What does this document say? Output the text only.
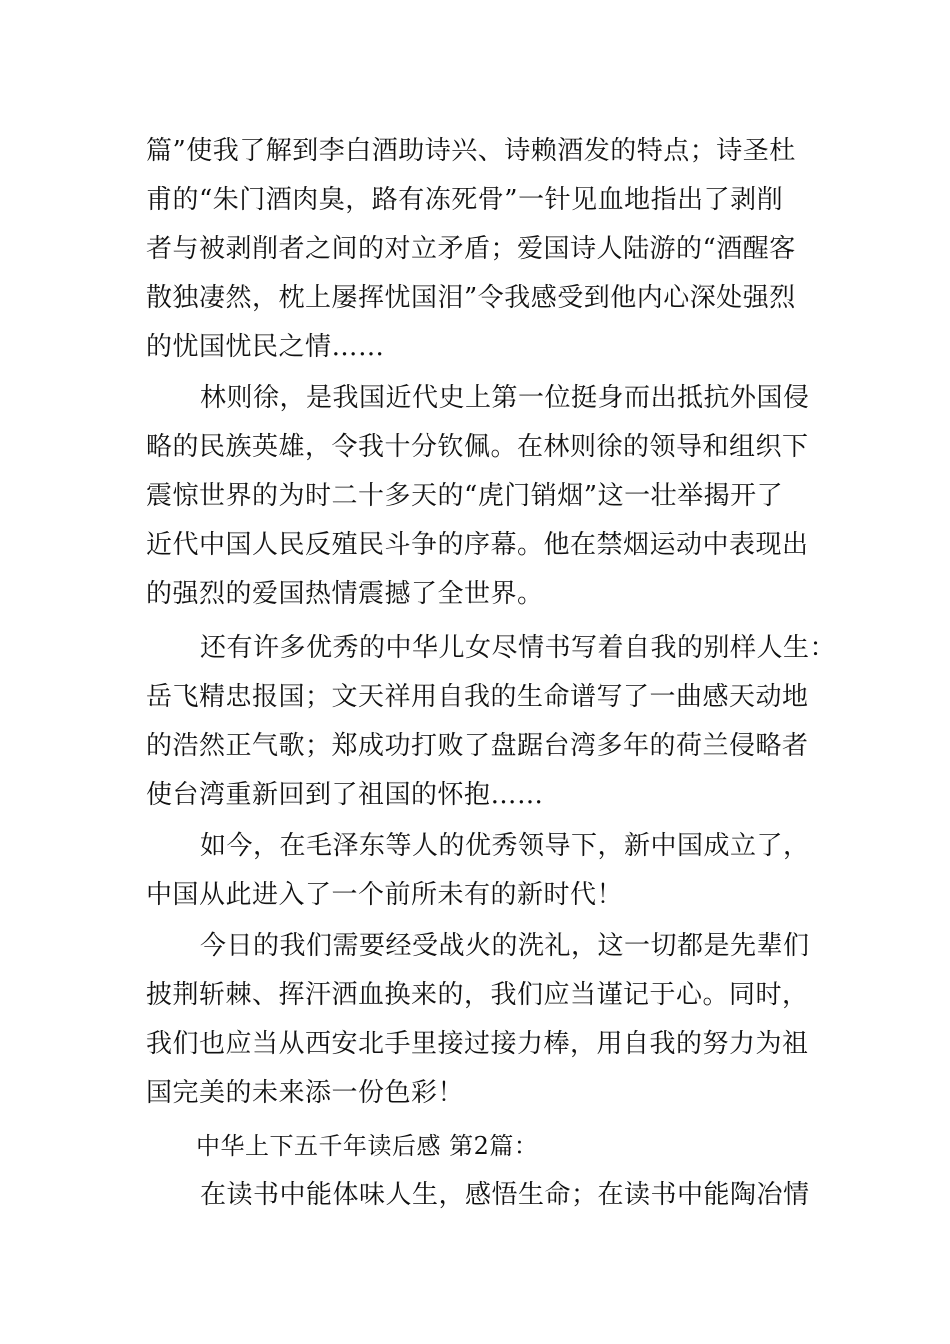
篇”使我了解到李白酒助诗兴、诗赖酒发的特点；诗圣杜
甫的“朱门酒肉臭，路有冻死骨”一针见血地指出了剥削
者与被剥削者之间的对立矛盾；爱国诗人陆游的“酒醒客
散独凄然，枕上屡挥忧国泪”令我感受到他内心深处强烈
的忧国忧民之情……
林则徐，是我国近代史上第一位挺身而出抵抗外国侵
略的民族英雄，令我十分钦佩。在林则徐的领导和组织下
震惊世界的为时二十多天的“虎门销烟”这一壮举揭开了
近代中国人民反殖民斗争的序幕。他在禁烟运动中表现出
的强烈的爱国热情震撼了全世界。
还有许多优秀的中华儿女尽情书写着自我的别样人生：
岳飞精忠报国；文天祥用自我的生命谱写了一曲感天动地
的浩然正气歌；郑成功打败了盘踞台湾多年的荷兰侵略者
使台湾重新回到了祖国的怀抱……
如今，在毛泽东等人的优秀领导下，新中国成立了，
中国从此进入了一个前所未有的新时代！
今日的我们需要经受战火的洗礼，这一切都是先辈们
披荆斩棘、挥汗洒血换来的，我们应当谨记于心。同时，
我们也应当从西安北手里接过接力棒，用自我的努力为祖
国完美的未来添一份色彩！
中华上下五千年读后感 第2篇：
在读书中能体味人生，感悟生命；在读书中能陶冶情
